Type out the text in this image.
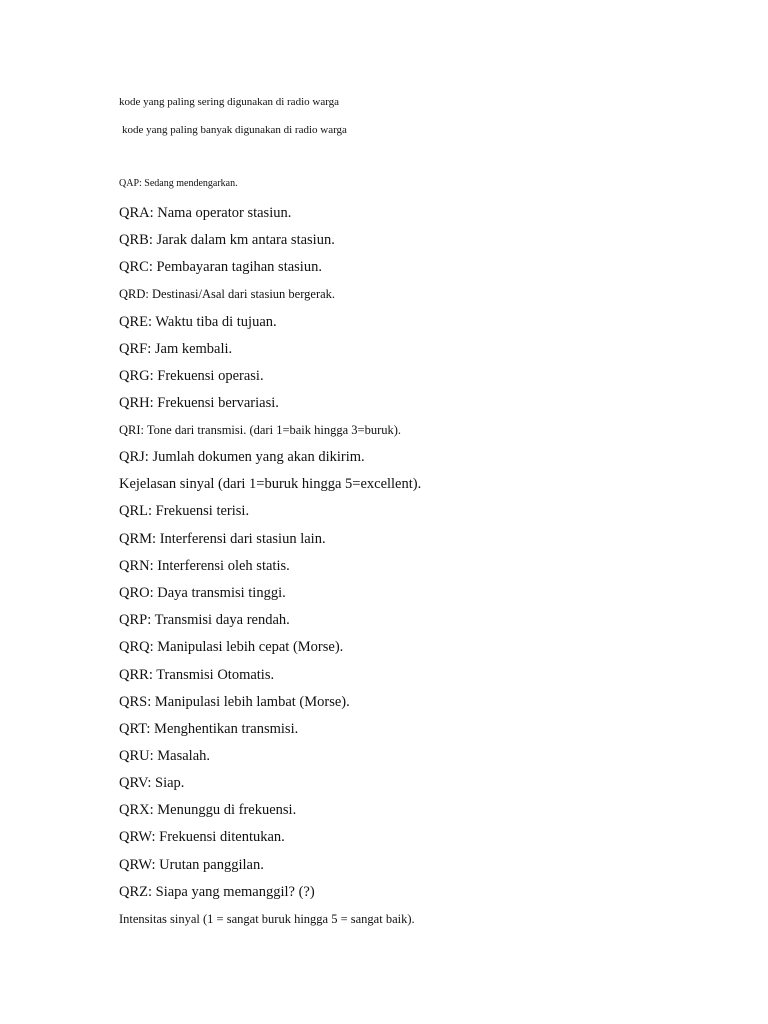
kode yang paling sering digunakan di radio warga
kode yang paling banyak digunakan di radio warga
QAP: Sedang mendengarkan.
QRA: Nama operator stasiun.
QRB: Jarak dalam km antara stasiun.
QRC: Pembayaran tagihan stasiun.
QRD: Destinasi/Asal dari stasiun bergerak.
QRE: Waktu tiba di tujuan.
QRF: Jam kembali.
QRG: Frekuensi operasi.
QRH: Frekuensi bervariasi.
QRI: Tone dari transmisi. (dari 1=baik hingga 3=buruk).
QRJ: Jumlah dokumen yang akan dikirim.
Kejelasan sinyal (dari 1=buruk hingga 5=excellent).
QRL: Frekuensi terisi.
QRM: Interferensi dari stasiun lain.
QRN: Interferensi oleh statis.
QRO: Daya transmisi tinggi.
QRP: Transmisi daya rendah.
QRQ: Manipulasi lebih cepat (Morse).
QRR: Transmisi Otomatis.
QRS: Manipulasi lebih lambat (Morse).
QRT: Menghentikan transmisi.
QRU: Masalah.
QRV: Siap.
QRX: Menunggu di frekuensi.
QRW: Frekuensi ditentukan.
QRW: Urutan panggilan.
QRZ: Siapa yang memanggil? (?)
Intensitas sinyal (1 = sangat buruk hingga 5 = sangat baik).
